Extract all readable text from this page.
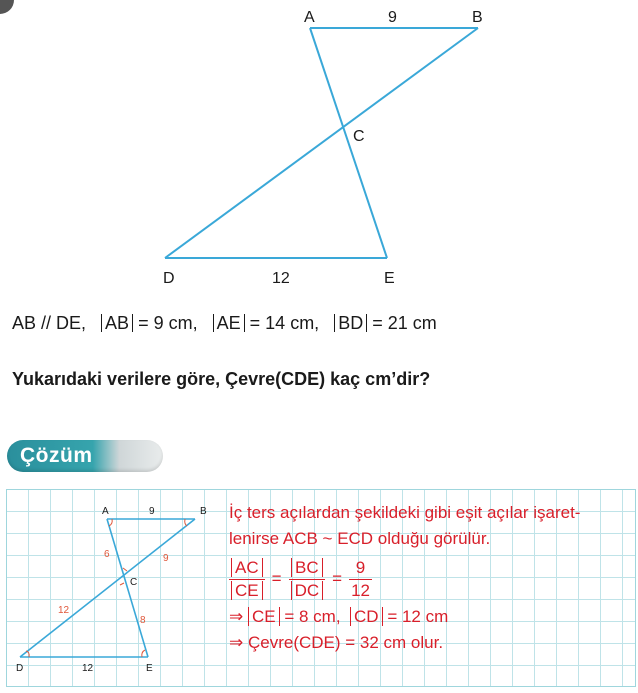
A	9	B
C
D	12	E
AB // DE, AB = 9 cm, AE = 14 cm, BD = 21 cm
Yukarıdaki verilere göre, Çevre(CDE) kaç cm’dir?
Çözüm
A	9	B
6	9
C
8
12
D	12	E
İç ters açılardan şekildeki gibi eşit açılar işaret-
lenirse ACB ~ ECD olduğu görülür.
$\frac{AC}{CE} = \frac{BC}{DC} = \frac{9}{12}$
⇒ CE = 8 cm, CD = 12 cm
⇒ Çevre(CDE) = 32 cm olur.
